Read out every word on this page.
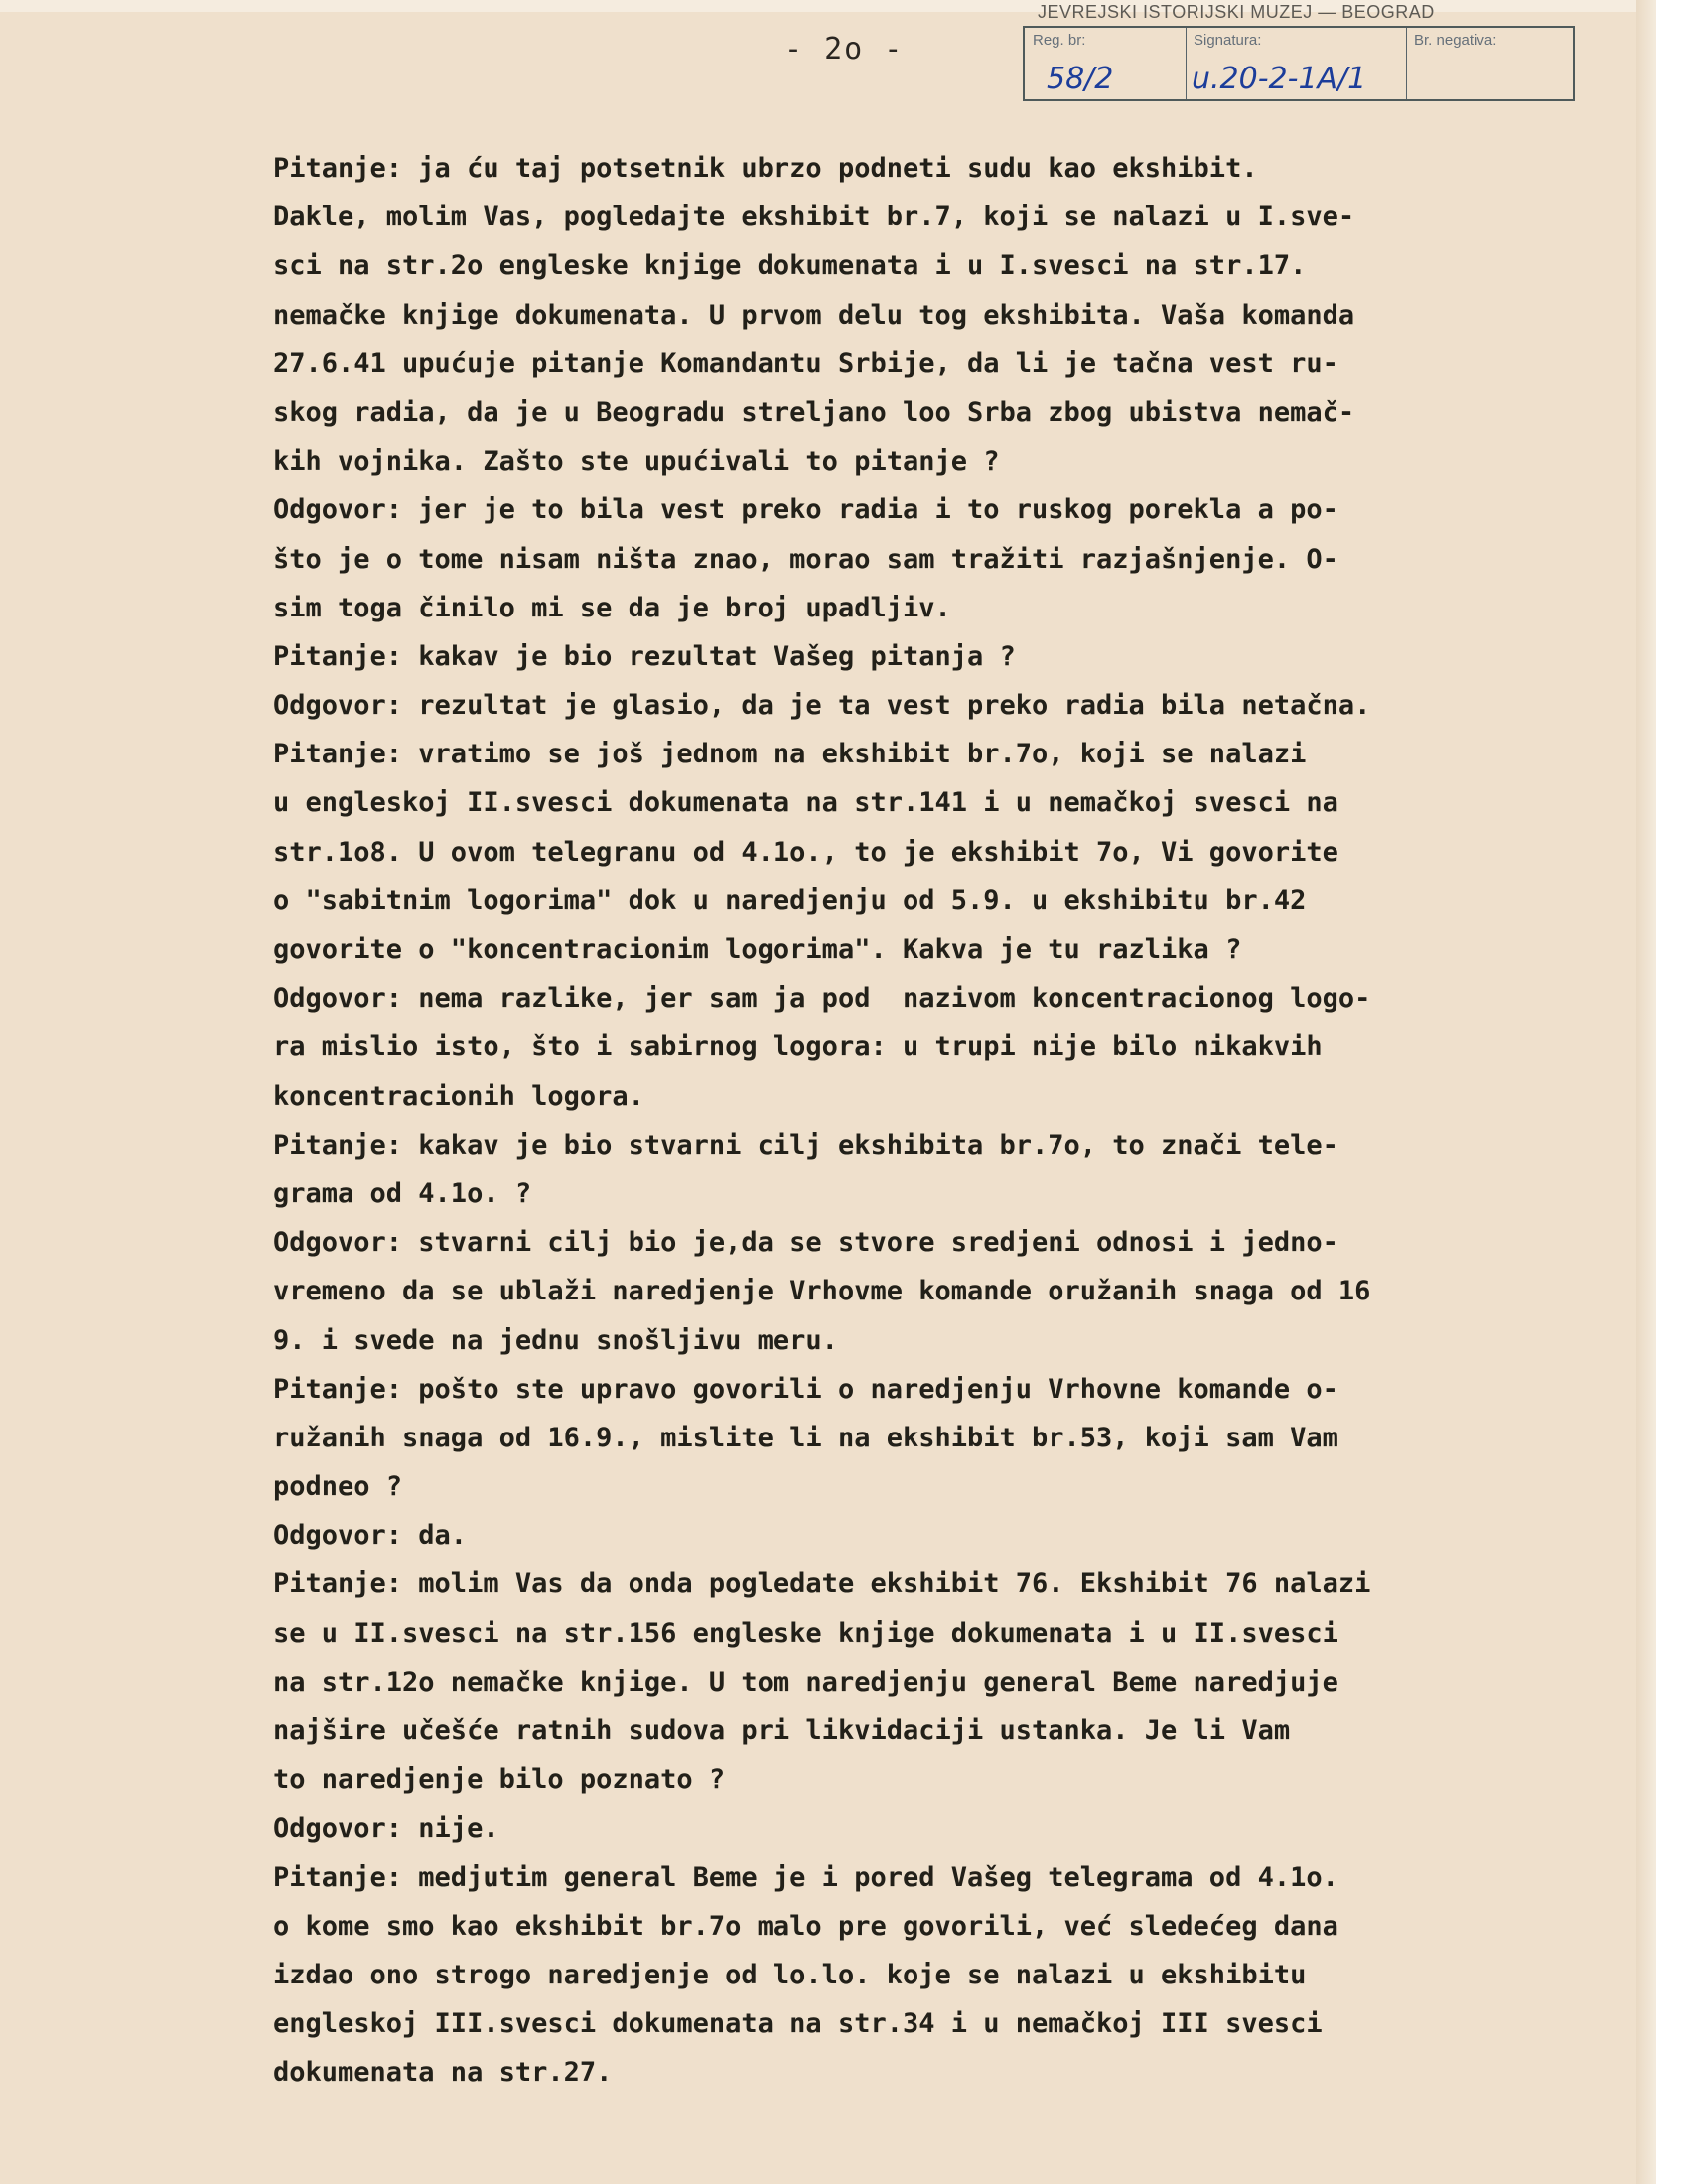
JEVREJSKI ISTORIJSKI MUZEJ — BEOGRAD
- 2o -	Reg. br:
58/2
Signatura:
u.20-2-1A/1
Br. negativa:
Pitanje: ja ću taj potsetnik ubrzo podneti sudu kao ekshibit.
Dakle, molim Vas, pogledajte ekshibit br.7, koji se nalazi u I.sve-
sci na str.2o engleske knjige dokumenata i u I.svesci na str.17.
nemačke knjige dokumenata. U prvom delu tog ekshibita. Vaša komanda
27.6.41 upućuje pitanje Komandantu Srbije, da li je tačna vest ru-
skog radia, da je u Beogradu streljano loo Srba zbog ubistva nemač-
kih vojnika. Zašto ste upućivali to pitanje ?
Odgovor: jer je to bila vest preko radia i to ruskog porekla a po-
što je o tome nisam ništa znao, morao sam tražiti razjašnjenje. O-
sim toga činilo mi se da je broj upadljiv.
Pitanje: kakav je bio rezultat Vašeg pitanja ?
Odgovor: rezultat je glasio, da je ta vest preko radia bila netačna.
Pitanje: vratimo se još jednom na ekshibit br.7o, koji se nalazi
u engleskoj II.svesci dokumenata na str.141 i u nemačkoj svesci na
str.1o8. U ovom telegranu od 4.1o., to je ekshibit 7o, Vi govorite
o "sabitnim logorima" dok u naredjenju od 5.9. u ekshibitu br.42
govorite o "koncentracionim logorima". Kakva je tu razlika ?
Odgovor: nema razlike, jer sam ja pod  nazivom koncentracionog logo-
ra mislio isto, što i sabirnog logora: u trupi nije bilo nikakvih
koncentracionih logora.
Pitanje: kakav je bio stvarni cilj ekshibita br.7o, to znači tele-
grama od 4.1o. ?
Odgovor: stvarni cilj bio je,da se stvore sredjeni odnosi i jedno-
vremeno da se ublaži naredjenje Vrhovme komande oružanih snaga od 16
9. i svede na jednu snošljivu meru.
Pitanje: pošto ste upravo govorili o naredjenju Vrhovne komande o-
ružanih snaga od 16.9., mislite li na ekshibit br.53, koji sam Vam
podneo ?
Odgovor: da.
Pitanje: molim Vas da onda pogledate ekshibit 76. Ekshibit 76 nalazi
se u II.svesci na str.156 engleske knjige dokumenata i u II.svesci
na str.12o nemačke knjige. U tom naredjenju general Beme naredjuje
najšire učešće ratnih sudova pri likvidaciji ustanka. Je li Vam
to naredjenje bilo poznato ?
Odgovor: nije.
Pitanje: medjutim general Beme je i pored Vašeg telegrama od 4.1o.
o kome smo kao ekshibit br.7o malo pre govorili, već sledećeg dana
izdao ono strogo naredjenje od lo.lo. koje se nalazi u ekshibitu
engleskoj III.svesci dokumenata na str.34 i u nemačkoj III svesci
dokumenata na str.27.
